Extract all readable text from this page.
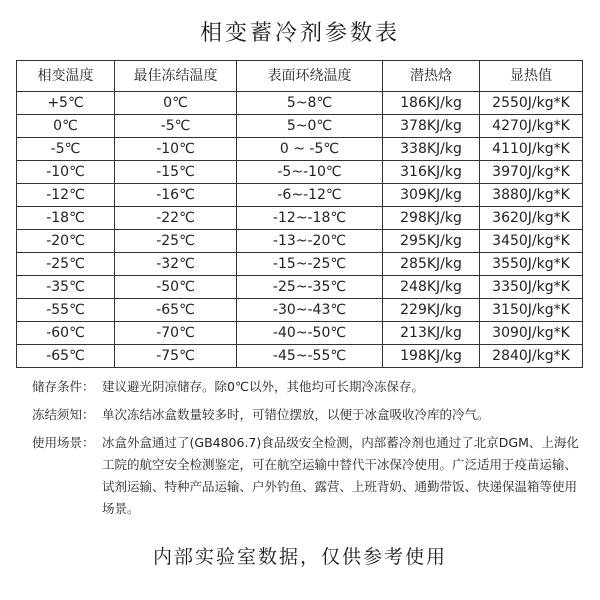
相变蓄冷剂参数表
相变温度	最佳冻结温度	表面环绕温度	潜热焓	显热值
+5℃	0℃	5~8℃	186KJ/kg	2550J/kg*K
0℃	-5℃	5~0℃	378KJ/kg	4270J/kg*K
-5℃	-10℃	0 ~ -5℃	338KJ/kg	4110J/kg*K
-10℃	-15℃	-5~-10℃	316KJ/kg	3970J/kg*K
-12℃	-16℃	-6~-12℃	309KJ/kg	3880J/kg*K
-18℃	-22℃	-12~-18℃	298KJ/kg	3620J/kg*K
-20℃	-25℃	-13~-20℃	295KJ/kg	3450J/kg*K
-25℃	-32℃	-15~-25℃	285KJ/kg	3550J/kg*K
-35℃	-50℃	-25~-35℃	248KJ/kg	3350J/kg*K
-55℃	-65℃	-30~-43℃	229KJ/kg	3150J/kg*K
-60℃	-70℃	-40~-50℃	213KJ/kg	3090J/kg*K
-65℃	-75℃	-45~-55℃	198KJ/kg	2840J/kg*K
储存条件： 建议避光阴凉储存。除0℃以外，其他均可长期冷冻保存。
冻结须知： 单次冻结冰盒数量较多时，可错位摆放，以便于冰盒吸收冷库的冷气。
使用场景： 冰盒外盒通过了(GB4806.7)食品级安全检测，内部蓄冷剂也通过了北京DGM、上海化工院的航空安全检测鉴定，可在航空运输中替代干冰保冷使用。广泛适用于疫苗运输、试剂运输、特种产品运输、户外钓鱼、露营、上班背奶、通勤带饭、快递保温箱等使用场景。
内部实验室数据，仅供参考使用
